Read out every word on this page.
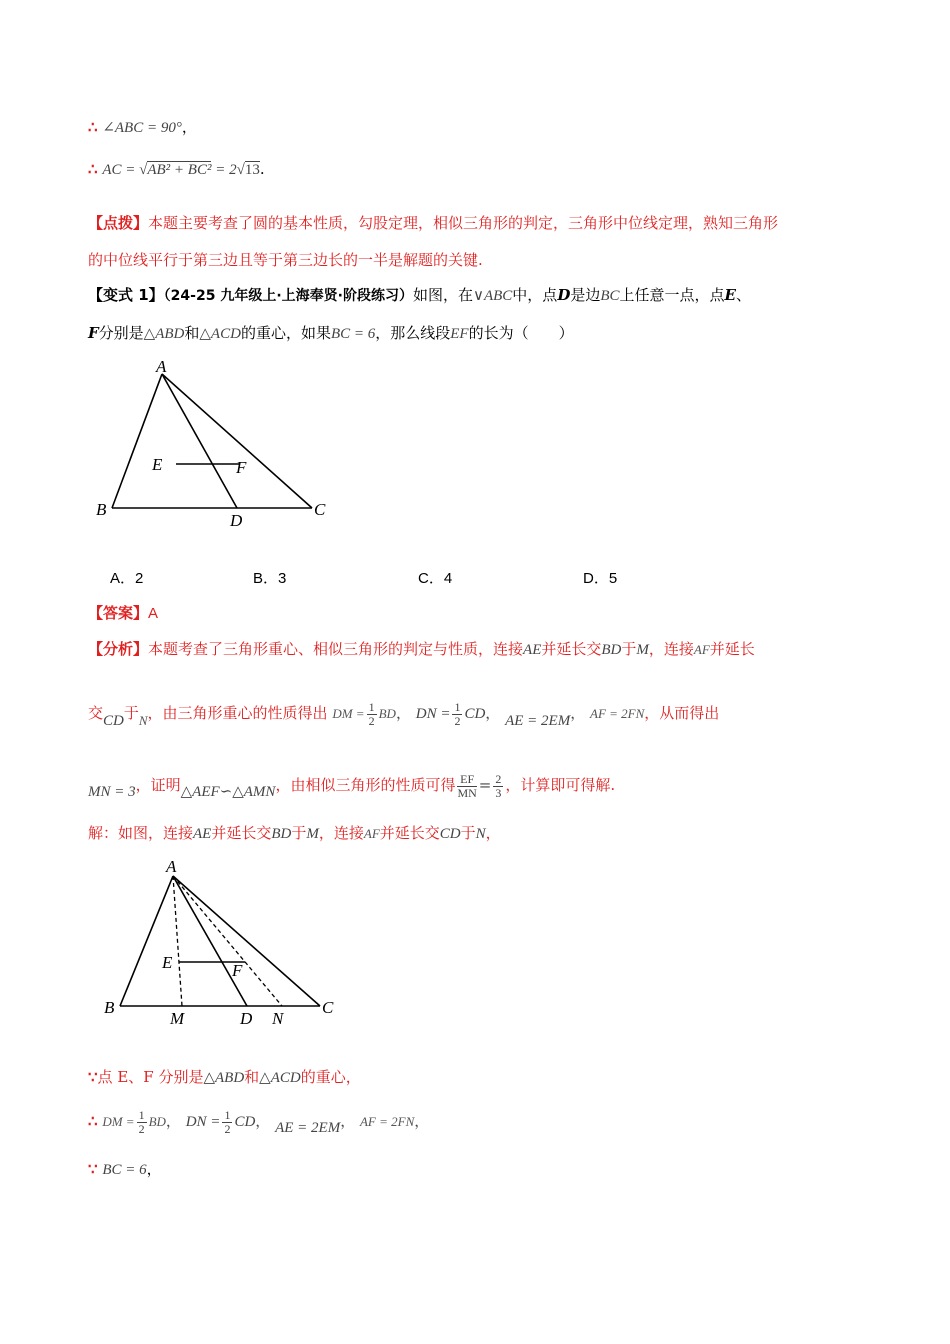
∴ ∠ABC = 90°，
∴ AC = √AB² + BC² = 2√13.
【点拨】本题主要考查了圆的基本性质，勾股定理，相似三角形的判定，三角形中位线定理，熟知三角形
的中位线平行于第三边且等于第三边长的一半是解题的关键.
【变式 1】（24-25 九年级上·上海奉贤·阶段练习）如图，在∨ABC中，点D是边BC上任意一点，点E、
F分别是△ABD和△ACD的重心，如果BC = 6，那么线段EF的长为（　　）
A
B	C
D
E	F
A．2	B．3	C．4	D．5
【答案】A
【分析】本题考查了三角形重心、相似三角形的判定与性质，连接AE并延长交BD于M，连接AF并延长
交CD于N，由三角形重心的性质得出 DM = $\frac{1}{2}$ BD， DN = $\frac{1}{2}$ CD， AE = 2EM， AF = 2FN，从而得出
MN = 3，证明△AEF∽△AMN，由相似三角形的性质可得 $\frac{EF}{MN} = \frac{2}{3}$ ，计算即可得解.
解：如图，连接AE并延长交BD于M，连接AF并延长交CD于N，
A
B	C
D
E	F
M	N
∵点 E、F 分别是△ABD和△ACD的重心，
∴ DM = $\frac{1}{2}$ BD， DN = $\frac{1}{2}$ CD， AE = 2EM， AF = 2FN，
∵ BC = 6，
